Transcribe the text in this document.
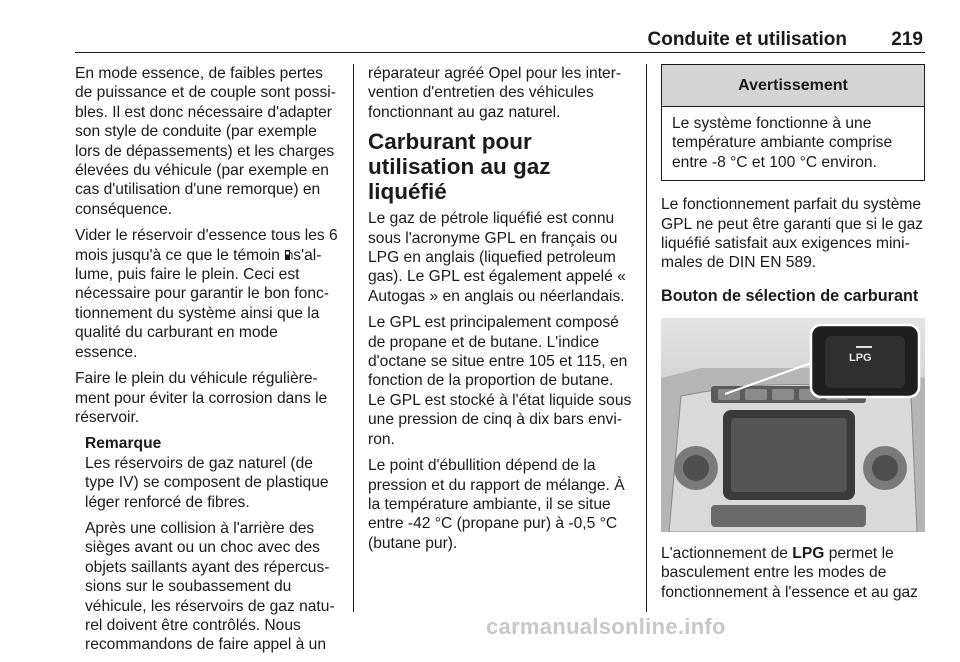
Conduite et utilisation 219

En mode essence, de faibles pertes de puissance et de couple sont possibles. Il est donc nécessaire d'adapter son style de conduite (par exemple lors de dépassements) et les charges élevées du véhicule (par exemple en cas d'utilisation d'une remorque) en conséquence.

Vider le réservoir d'essence tous les 6 mois jusqu'à ce que le témoin s'allume, puis faire le plein. Ceci est nécessaire pour garantir le bon fonctionnement du système ainsi que la qualité du carburant en mode essence.

Faire le plein du véhicule régulièrement pour éviter la corrosion dans le réservoir.

Remarque

Les réservoirs de gaz naturel (de type IV) se composent de plastique léger renforcé de fibres.

Après une collision à l'arrière des sièges avant ou un choc avec des objets saillants ayant des répercussions sur le soubassement du véhicule, les réservoirs de gaz naturel doivent être contrôlés. Nous recommandons de faire appel à un

réparateur agréé Opel pour les intervention d'entretien des véhicules fonctionnant au gaz naturel.

Carburant pour utilisation au gaz liquéfié

Le gaz de pétrole liquéfié est connu sous l'acronyme GPL en français ou LPG en anglais (liquefied petroleum gas). Le GPL est également appelé « Autogas » en anglais ou néerlandais.

Le GPL est principalement composé de propane et de butane. L'indice d'octane se situe entre 105 et 115, en fonction de la proportion de butane. Le GPL est stocké à l'état liquide sous une pression de cinq à dix bars environ.

Le point d'ébullition dépend de la pression et du rapport de mélange. À la température ambiante, il se situe entre -42 °C (propane pur) à -0,5 °C (butane pur).

Avertissement
Le système fonctionne à une température ambiante comprise entre -8 °C et 100 °C environ.

Le fonctionnement parfait du système GPL ne peut être garanti que si le gaz liquéfié satisfait aux exigences minimales de DIN EN 589.

Bouton de sélection de carburant
LPG

L'actionnement de LPG permet le basculement entre les modes de fonctionnement à l'essence et au gaz

carmanualsonline.info
